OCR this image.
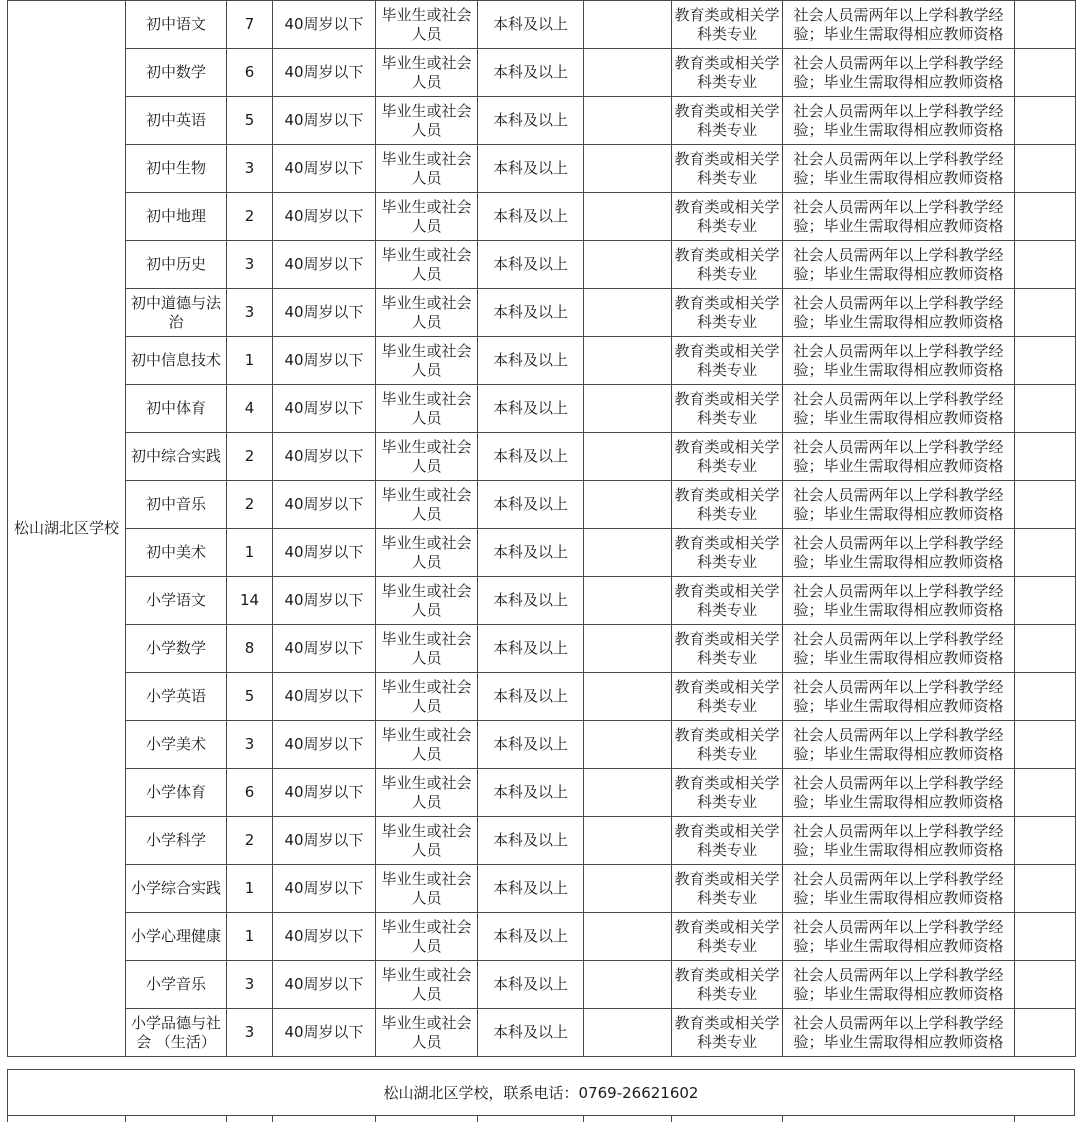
松山湖北区学校	初中语文	7	40周岁以下	毕业生或社会人员	本科及以上		教育类或相关学科类专业	社会人员需两年以上学科教学经验；毕业生需取得相应教师资格	

	初中数学	6	40周岁以下	毕业生或社会人员	本科及以上		教育类或相关学科类专业	社会人员需两年以上学科教学经验；毕业生需取得相应教师资格	

	初中英语	5	40周岁以下	毕业生或社会人员	本科及以上		教育类或相关学科类专业	社会人员需两年以上学科教学经验；毕业生需取得相应教师资格	

	初中生物	3	40周岁以下	毕业生或社会人员	本科及以上		教育类或相关学科类专业	社会人员需两年以上学科教学经验；毕业生需取得相应教师资格	

	初中地理	2	40周岁以下	毕业生或社会人员	本科及以上		教育类或相关学科类专业	社会人员需两年以上学科教学经验；毕业生需取得相应教师资格	

	初中历史	3	40周岁以下	毕业生或社会人员	本科及以上		教育类或相关学科类专业	社会人员需两年以上学科教学经验；毕业生需取得相应教师资格	

	初中道德与法治	3	40周岁以下	毕业生或社会人员	本科及以上		教育类或相关学科类专业	社会人员需两年以上学科教学经验；毕业生需取得相应教师资格	

	初中信息技术	1	40周岁以下	毕业生或社会人员	本科及以上		教育类或相关学科类专业	社会人员需两年以上学科教学经验；毕业生需取得相应教师资格	

	初中体育	4	40周岁以下	毕业生或社会人员	本科及以上		教育类或相关学科类专业	社会人员需两年以上学科教学经验；毕业生需取得相应教师资格	

	初中综合实践	2	40周岁以下	毕业生或社会人员	本科及以上		教育类或相关学科类专业	社会人员需两年以上学科教学经验；毕业生需取得相应教师资格	

	初中音乐	2	40周岁以下	毕业生或社会人员	本科及以上		教育类或相关学科类专业	社会人员需两年以上学科教学经验；毕业生需取得相应教师资格	

	初中美术	1	40周岁以下	毕业生或社会人员	本科及以上		教育类或相关学科类专业	社会人员需两年以上学科教学经验；毕业生需取得相应教师资格	

	小学语文	14	40周岁以下	毕业生或社会人员	本科及以上		教育类或相关学科类专业	社会人员需两年以上学科教学经验；毕业生需取得相应教师资格	

	小学数学	8	40周岁以下	毕业生或社会人员	本科及以上		教育类或相关学科类专业	社会人员需两年以上学科教学经验；毕业生需取得相应教师资格	

	小学英语	5	40周岁以下	毕业生或社会人员	本科及以上		教育类或相关学科类专业	社会人员需两年以上学科教学经验；毕业生需取得相应教师资格	

	小学美术	3	40周岁以下	毕业生或社会人员	本科及以上		教育类或相关学科类专业	社会人员需两年以上学科教学经验；毕业生需取得相应教师资格	

	小学体育	6	40周岁以下	毕业生或社会人员	本科及以上		教育类或相关学科类专业	社会人员需两年以上学科教学经验；毕业生需取得相应教师资格	

	小学科学	2	40周岁以下	毕业生或社会人员	本科及以上		教育类或相关学科类专业	社会人员需两年以上学科教学经验；毕业生需取得相应教师资格	

	小学综合实践	1	40周岁以下	毕业生或社会人员	本科及以上		教育类或相关学科类专业	社会人员需两年以上学科教学经验；毕业生需取得相应教师资格	

	小学心理健康	1	40周岁以下	毕业生或社会人员	本科及以上		教育类或相关学科类专业	社会人员需两年以上学科教学经验；毕业生需取得相应教师资格	

	小学音乐	3	40周岁以下	毕业生或社会人员	本科及以上		教育类或相关学科类专业	社会人员需两年以上学科教学经验；毕业生需取得相应教师资格	

	小学品德与社会 （生活）	3	40周岁以下	毕业生或社会人员	本科及以上		教育类或相关学科类专业	社会人员需两年以上学科教学经验；毕业生需取得相应教师资格	

松山湖北区学校，联系电话：0769-26621602
